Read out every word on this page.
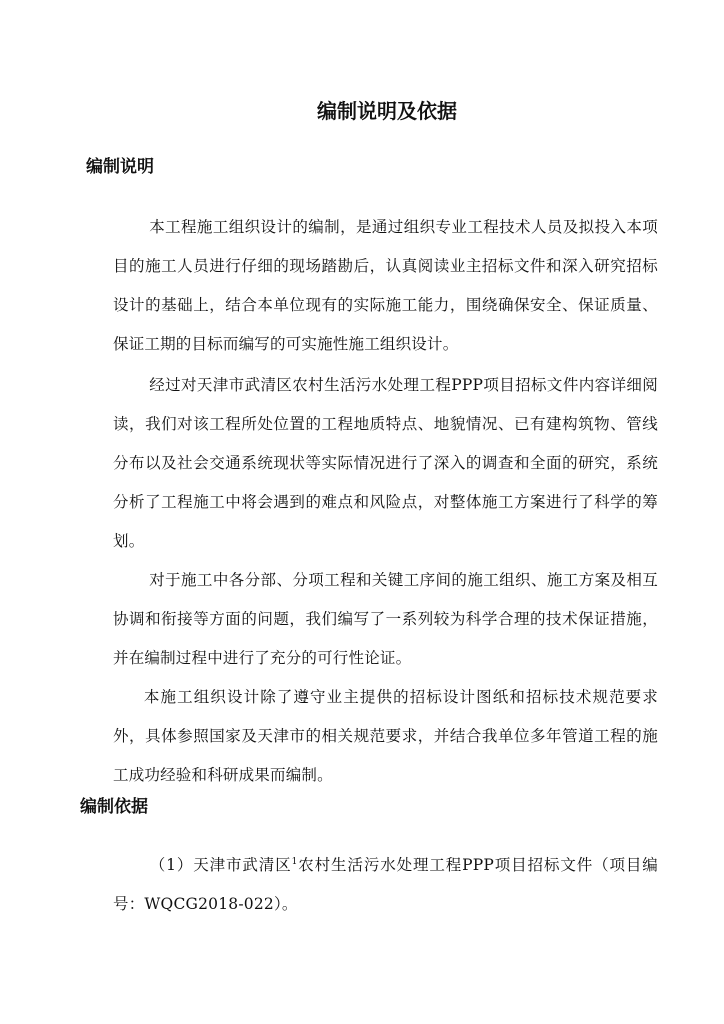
编制说明及依据
编制说明

本工程施工组织设计的编制，是通过组织专业工程技术人员及拟投入本项目的施工人员进行仔细的现场踏勘后，认真阅读业主招标文件和深入研究招标设计的基础上，结合本单位现有的实际施工能力，围绕确保安全、保证质量、保证工期的目标而编写的可实施性施工组织设计。

经过对天津市武清区农村生活污水处理工程PPP项目招标文件内容详细阅读，我们对该工程所处位置的工程地质特点、地貌情况、已有建构筑物、管线分布以及社会交通系统现状等实际情况进行了深入的调查和全面的研究，系统分析了工程施工中将会遇到的难点和风险点，对整体施工方案进行了科学的筹划。

对于施工中各分部、分项工程和关键工序间的施工组织、施工方案及相互协调和衔接等方面的问题，我们编写了一系列较为科学合理的技术保证措施，并在编制过程中进行了充分的可行性论证。

本施工组织设计除了遵守业主提供的招标设计图纸和招标技术规范要求外，具体参照国家及天津市的相关规范要求，并结合我单位多年管道工程的施工成功经验和科研成果而编制。

编制依据

（1）天津市武清区$^1$农村生活污水处理工程PPP项目招标文件（项目编号：WQCG2018-022）。
